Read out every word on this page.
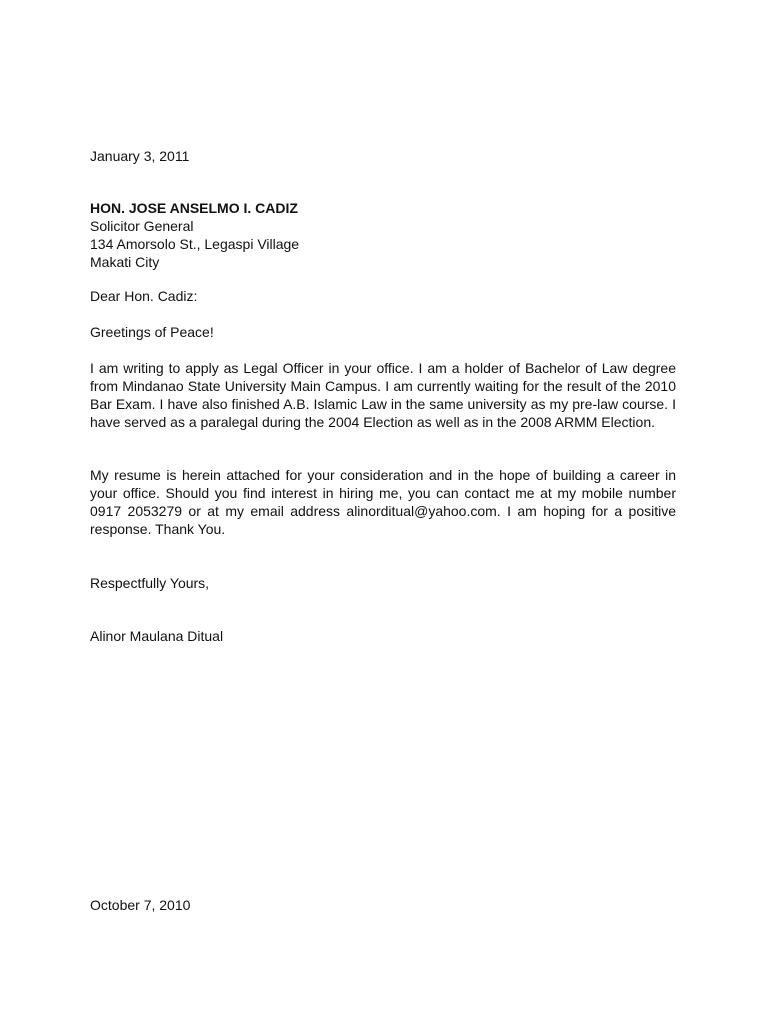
January 3, 2011
HON. JOSE ANSELMO I. CADIZ
Solicitor General
134 Amorsolo St., Legaspi Village
Makati City
Dear Hon. Cadiz:
Greetings of Peace!
I am writing to apply as Legal Officer in your office. I am a holder of Bachelor of Law degree from Mindanao State University Main Campus. I am currently waiting for the result of the 2010 Bar Exam. I have also finished A.B. Islamic Law in the same university as my pre-law course. I have served as a paralegal during the 2004 Election as well as in the 2008 ARMM Election.
My resume is herein attached for your consideration and in the hope of building a career in your office. Should you find interest in hiring me, you can contact me at my mobile number 0917 2053279 or at my email address alinorditual@yahoo.com. I am hoping for a positive response. Thank You.
Respectfully Yours,
Alinor Maulana Ditual
October 7, 2010
